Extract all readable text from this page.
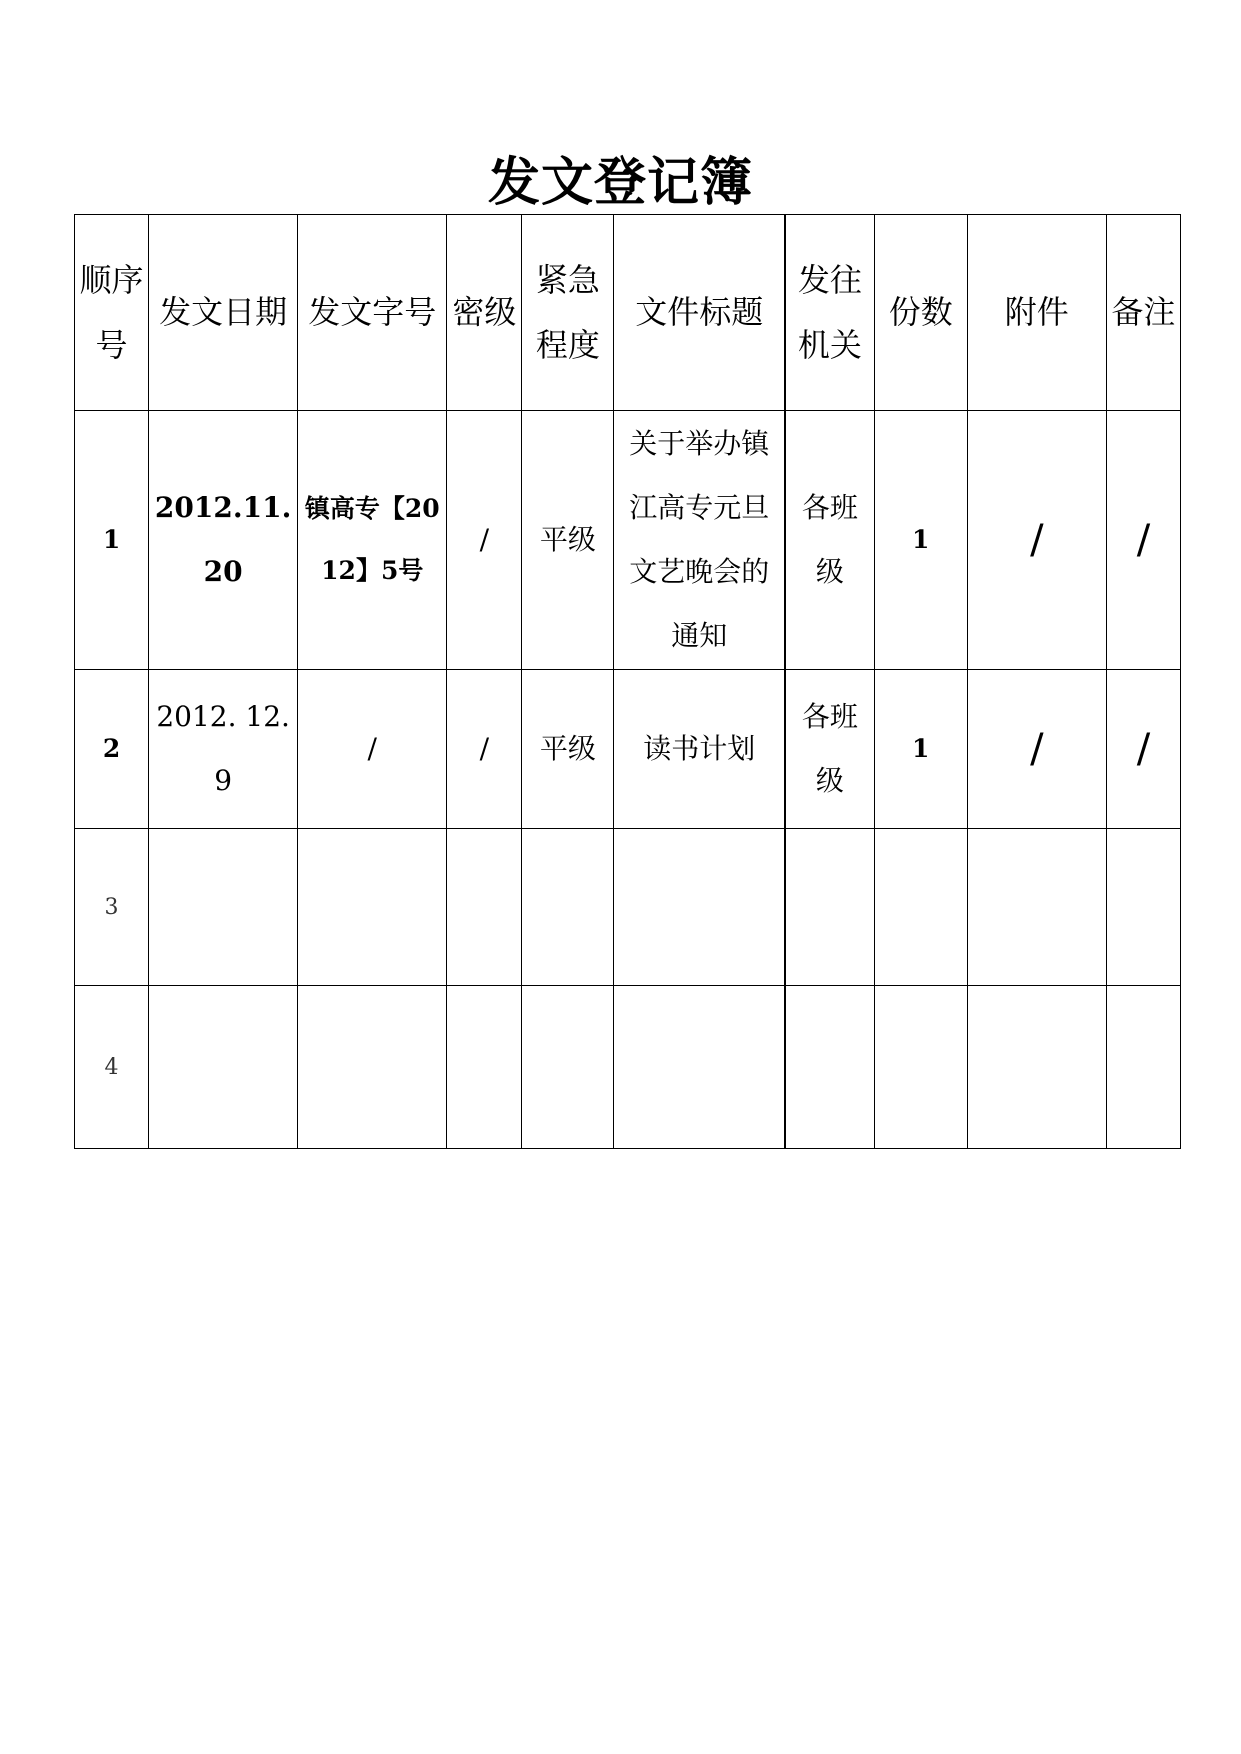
发文登记簿
顺序号	发文日期	发文字号	密级	紧急程度	文件标题	发往机关	份数	附件	备注
1	2012.11.20	镇高专【2012】5号	/	平级	关于举办镇江高专元旦文艺晚会的通知	各班级	1	/	/
2	2012. 12. 9	/	/	平级	读书计划	各班级	1	/	/
3									
4									
